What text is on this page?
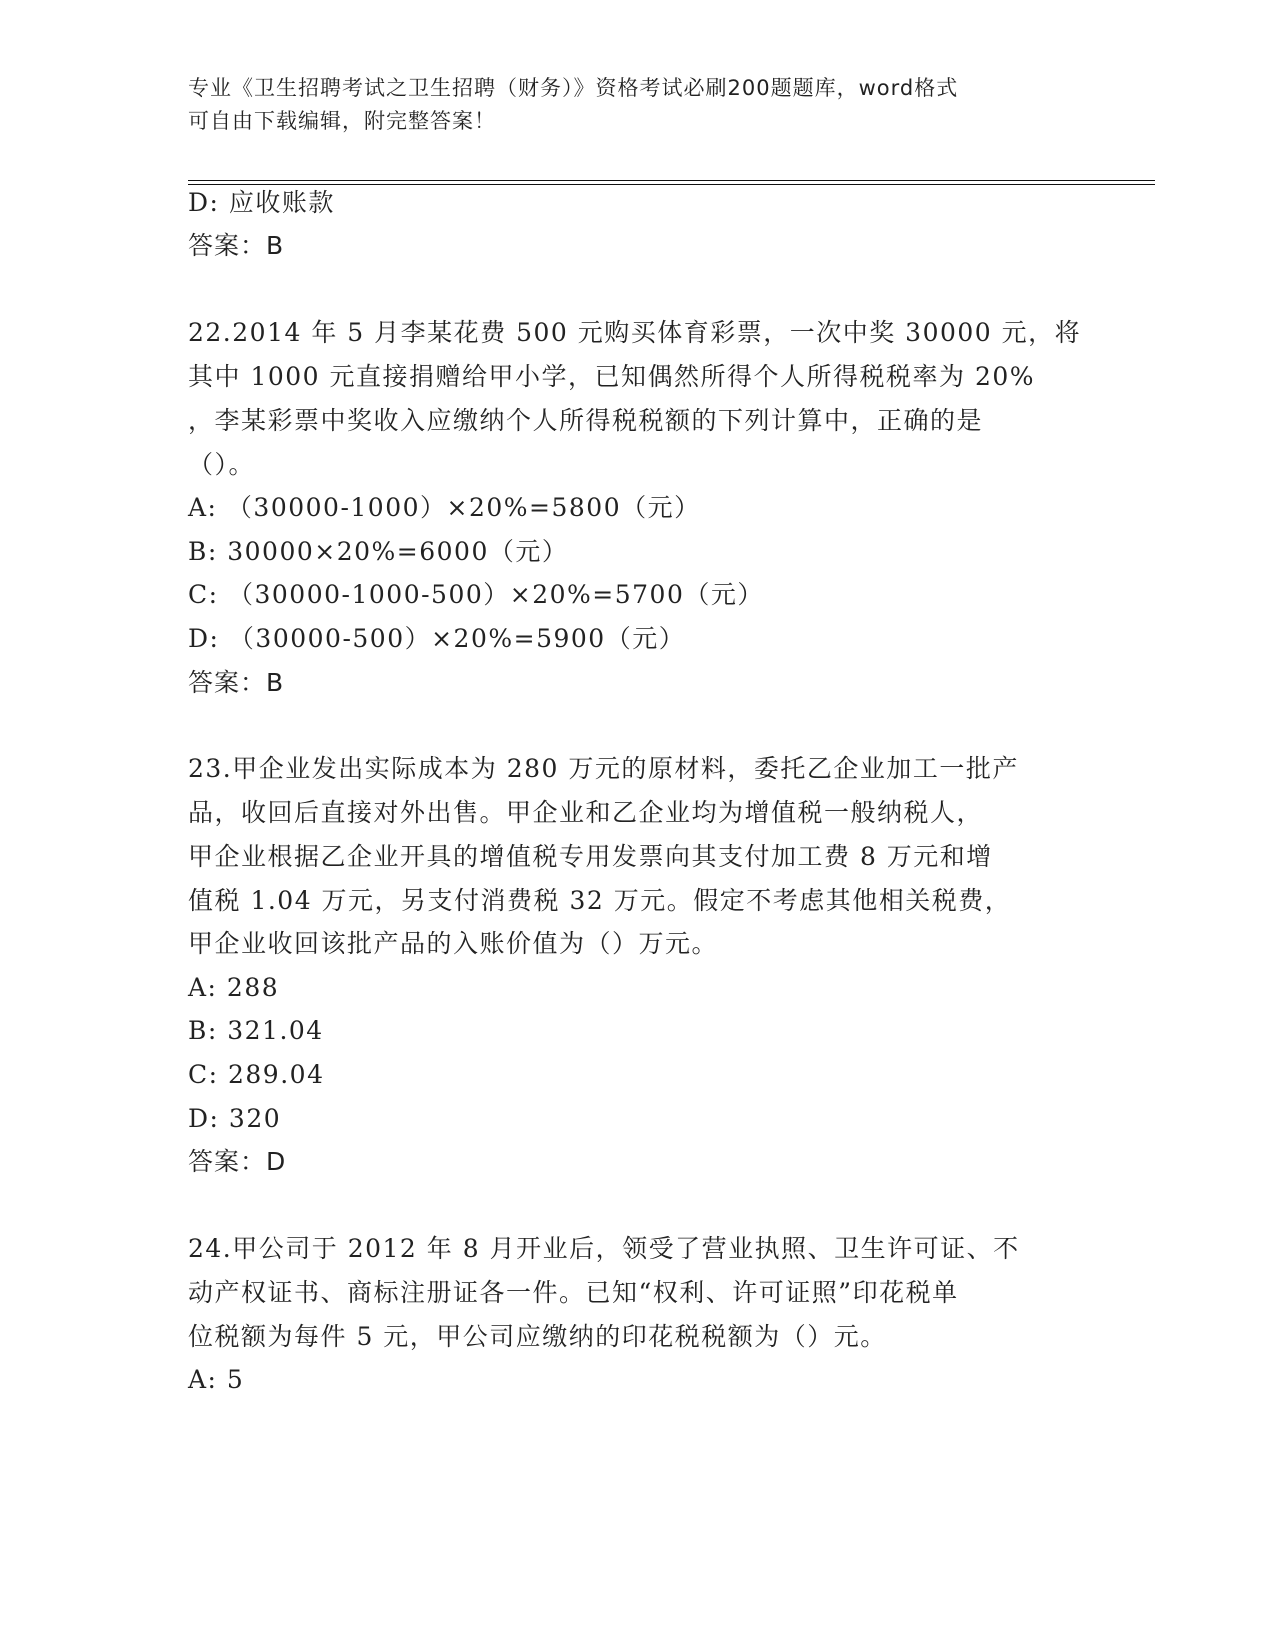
专业《卫生招聘考试之卫生招聘（财务）》资格考试必刷200题题库，word格式
可自由下载编辑，附完整答案！
D: 应收账款
答案：B
22.2014 年 5 月李某花费 500 元购买体育彩票，一次中奖 30000 元，将
其中 1000 元直接捐赠给甲小学，已知偶然所得个人所得税税率为 20%
，李某彩票中奖收入应缴纳个人所得税税额的下列计算中，正确的是
（）。
A: （30000-1000）×20%=5800（元）
B: 30000×20%=6000（元）
C: （30000-1000-500）×20%=5700（元）
D: （30000-500）×20%=5900（元）
答案：B
23.甲企业发出实际成本为 280 万元的原材料，委托乙企业加工一批产
品，收回后直接对外出售。甲企业和乙企业均为增值税一般纳税人，
甲企业根据乙企业开具的增值税专用发票向其支付加工费 8 万元和增
值税 1.04 万元，另支付消费税 32 万元。假定不考虑其他相关税费，
甲企业收回该批产品的入账价值为（）万元。
A: 288
B: 321.04
C: 289.04
D: 320
答案：D
24.甲公司于 2012 年 8 月开业后，领受了营业执照、卫生许可证、不
动产权证书、商标注册证各一件。已知“权利、许可证照”印花税单
位税额为每件 5 元，甲公司应缴纳的印花税税额为（）元。
A: 5
